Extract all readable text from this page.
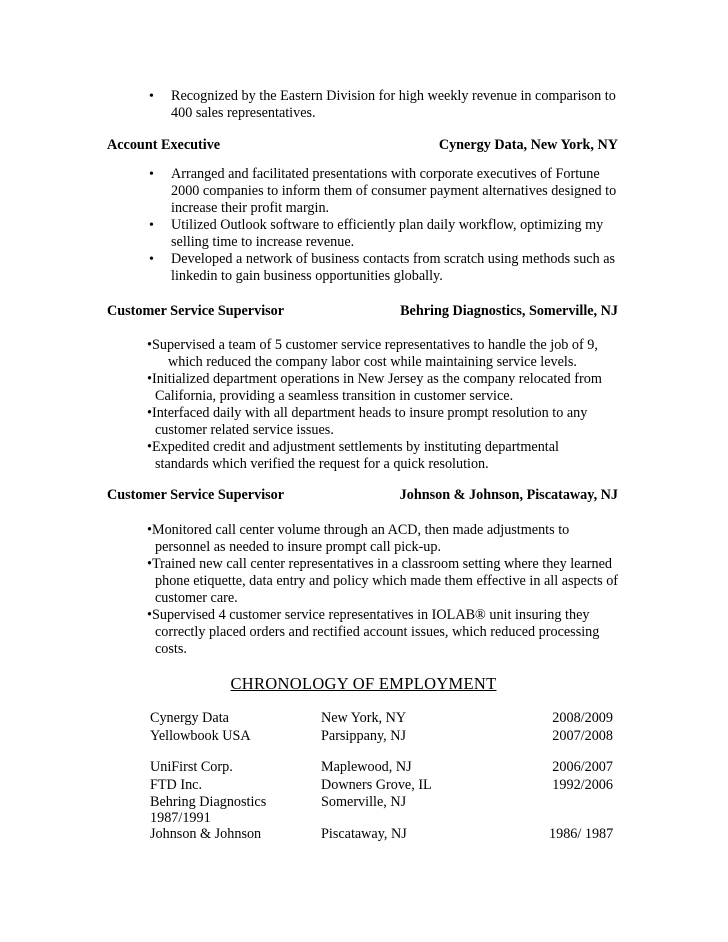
• Recognized by the Eastern Division for high weekly revenue in comparison to
400 sales representatives.
Account Executive	Cynergy Data, New York, NY
• Arranged and facilitated presentations with corporate executives of Fortune
2000 companies to inform them of consumer payment alternatives designed to
increase their profit margin.
• Utilized Outlook software to efficiently plan daily workflow, optimizing my
selling time to increase revenue.
• Developed a network of business contacts from scratch using methods such as
linkedin to gain business opportunities globally.
Customer Service Supervisor	Behring Diagnostics, Somerville, NJ
•Supervised a team of 5 customer service representatives to handle the job of 9,
which reduced the company labor cost while maintaining service levels.
•Initialized department operations in New Jersey as the company relocated from
California, providing a seamless transition in customer service.
•Interfaced daily with all department heads to insure prompt resolution to any
customer related service issues.
•Expedited credit and adjustment settlements by instituting departmental
standards which verified the request for a quick resolution.
Customer Service Supervisor	Johnson & Johnson, Piscataway, NJ
•Monitored call center volume through an ACD, then made adjustments to
personnel as needed to insure prompt call pick-up.
•Trained new call center representatives in a classroom setting where they learned
phone etiquette, data entry and policy which made them effective in all aspects of
customer care.
•Supervised 4 customer service representatives in IOLAB® unit insuring they
correctly placed orders and rectified account issues, which reduced processing
costs.
CHRONOLOGY OF EMPLOYMENT
Cynergy Data	New York, NY	2008/2009
Yellowbook USA	Parsippany, NJ	2007/2008
UniFirst Corp.	Maplewood, NJ	2006/2007
FTD Inc.	Downers Grove, IL	1992/2006
Behring Diagnostics	Somerville, NJ
1987/1991
Johnson & Johnson	Piscataway, NJ	1986/ 1987
